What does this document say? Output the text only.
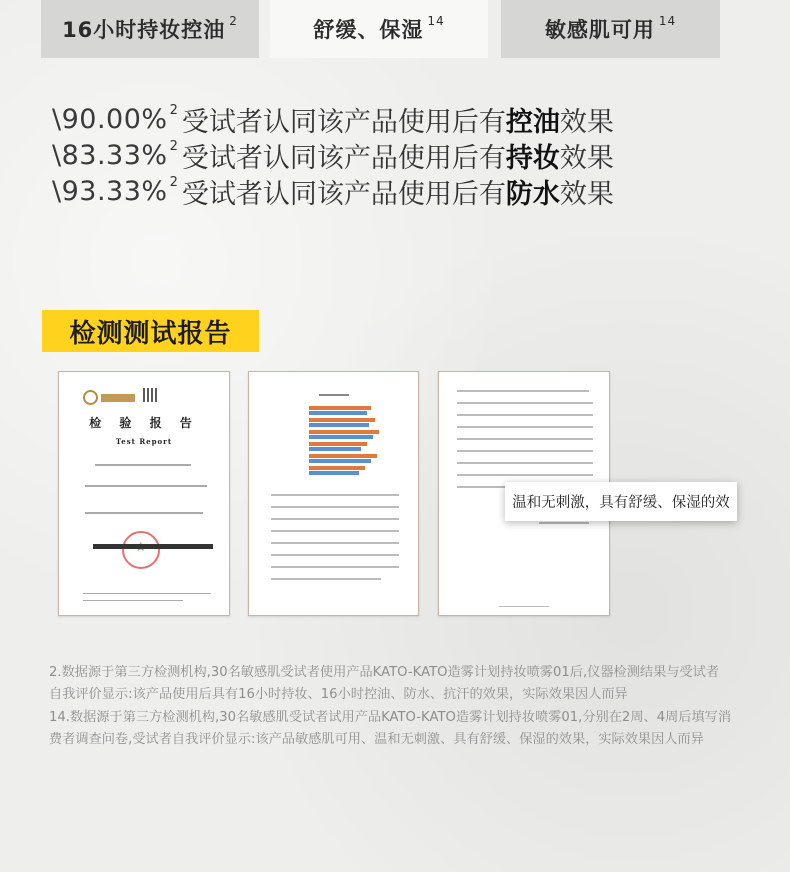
16小时持妆控油 $^2$	舒缓、保湿 $^{14}$	敏感肌可用 $^{14}$
\ 90.00%$^2$ 受试者认同该产品使用后有 控油 效果
\ 83.33%$^2$ 受试者认同该产品使用后有 持妆 效果
\ 93.33%$^2$ 受试者认同该产品使用后有 防水 效果
检测测试报告
检 验 报 告
Test Report
★
温和无刺激，具有舒缓、保湿的效
2.数据源于第三方检测机构,30名敏感肌受试者使用产品KATO-KATO造雾计划持妆喷雾01后,仪器检测结果与受试者
自我评价显示:该产品使用后具有16小时持妆、16小时控油、防水、抗汗的效果，实际效果因人而异
14.数据源于第三方检测机构,30名敏感肌受试者试用产品KATO-KATO造雾计划持妆喷雾01,分别在2周、4周后填写消
费者调查问卷,受试者自我评价显示:该产品敏感肌可用、温和无刺激、具有舒缓、保湿的效果，实际效果因人而异
